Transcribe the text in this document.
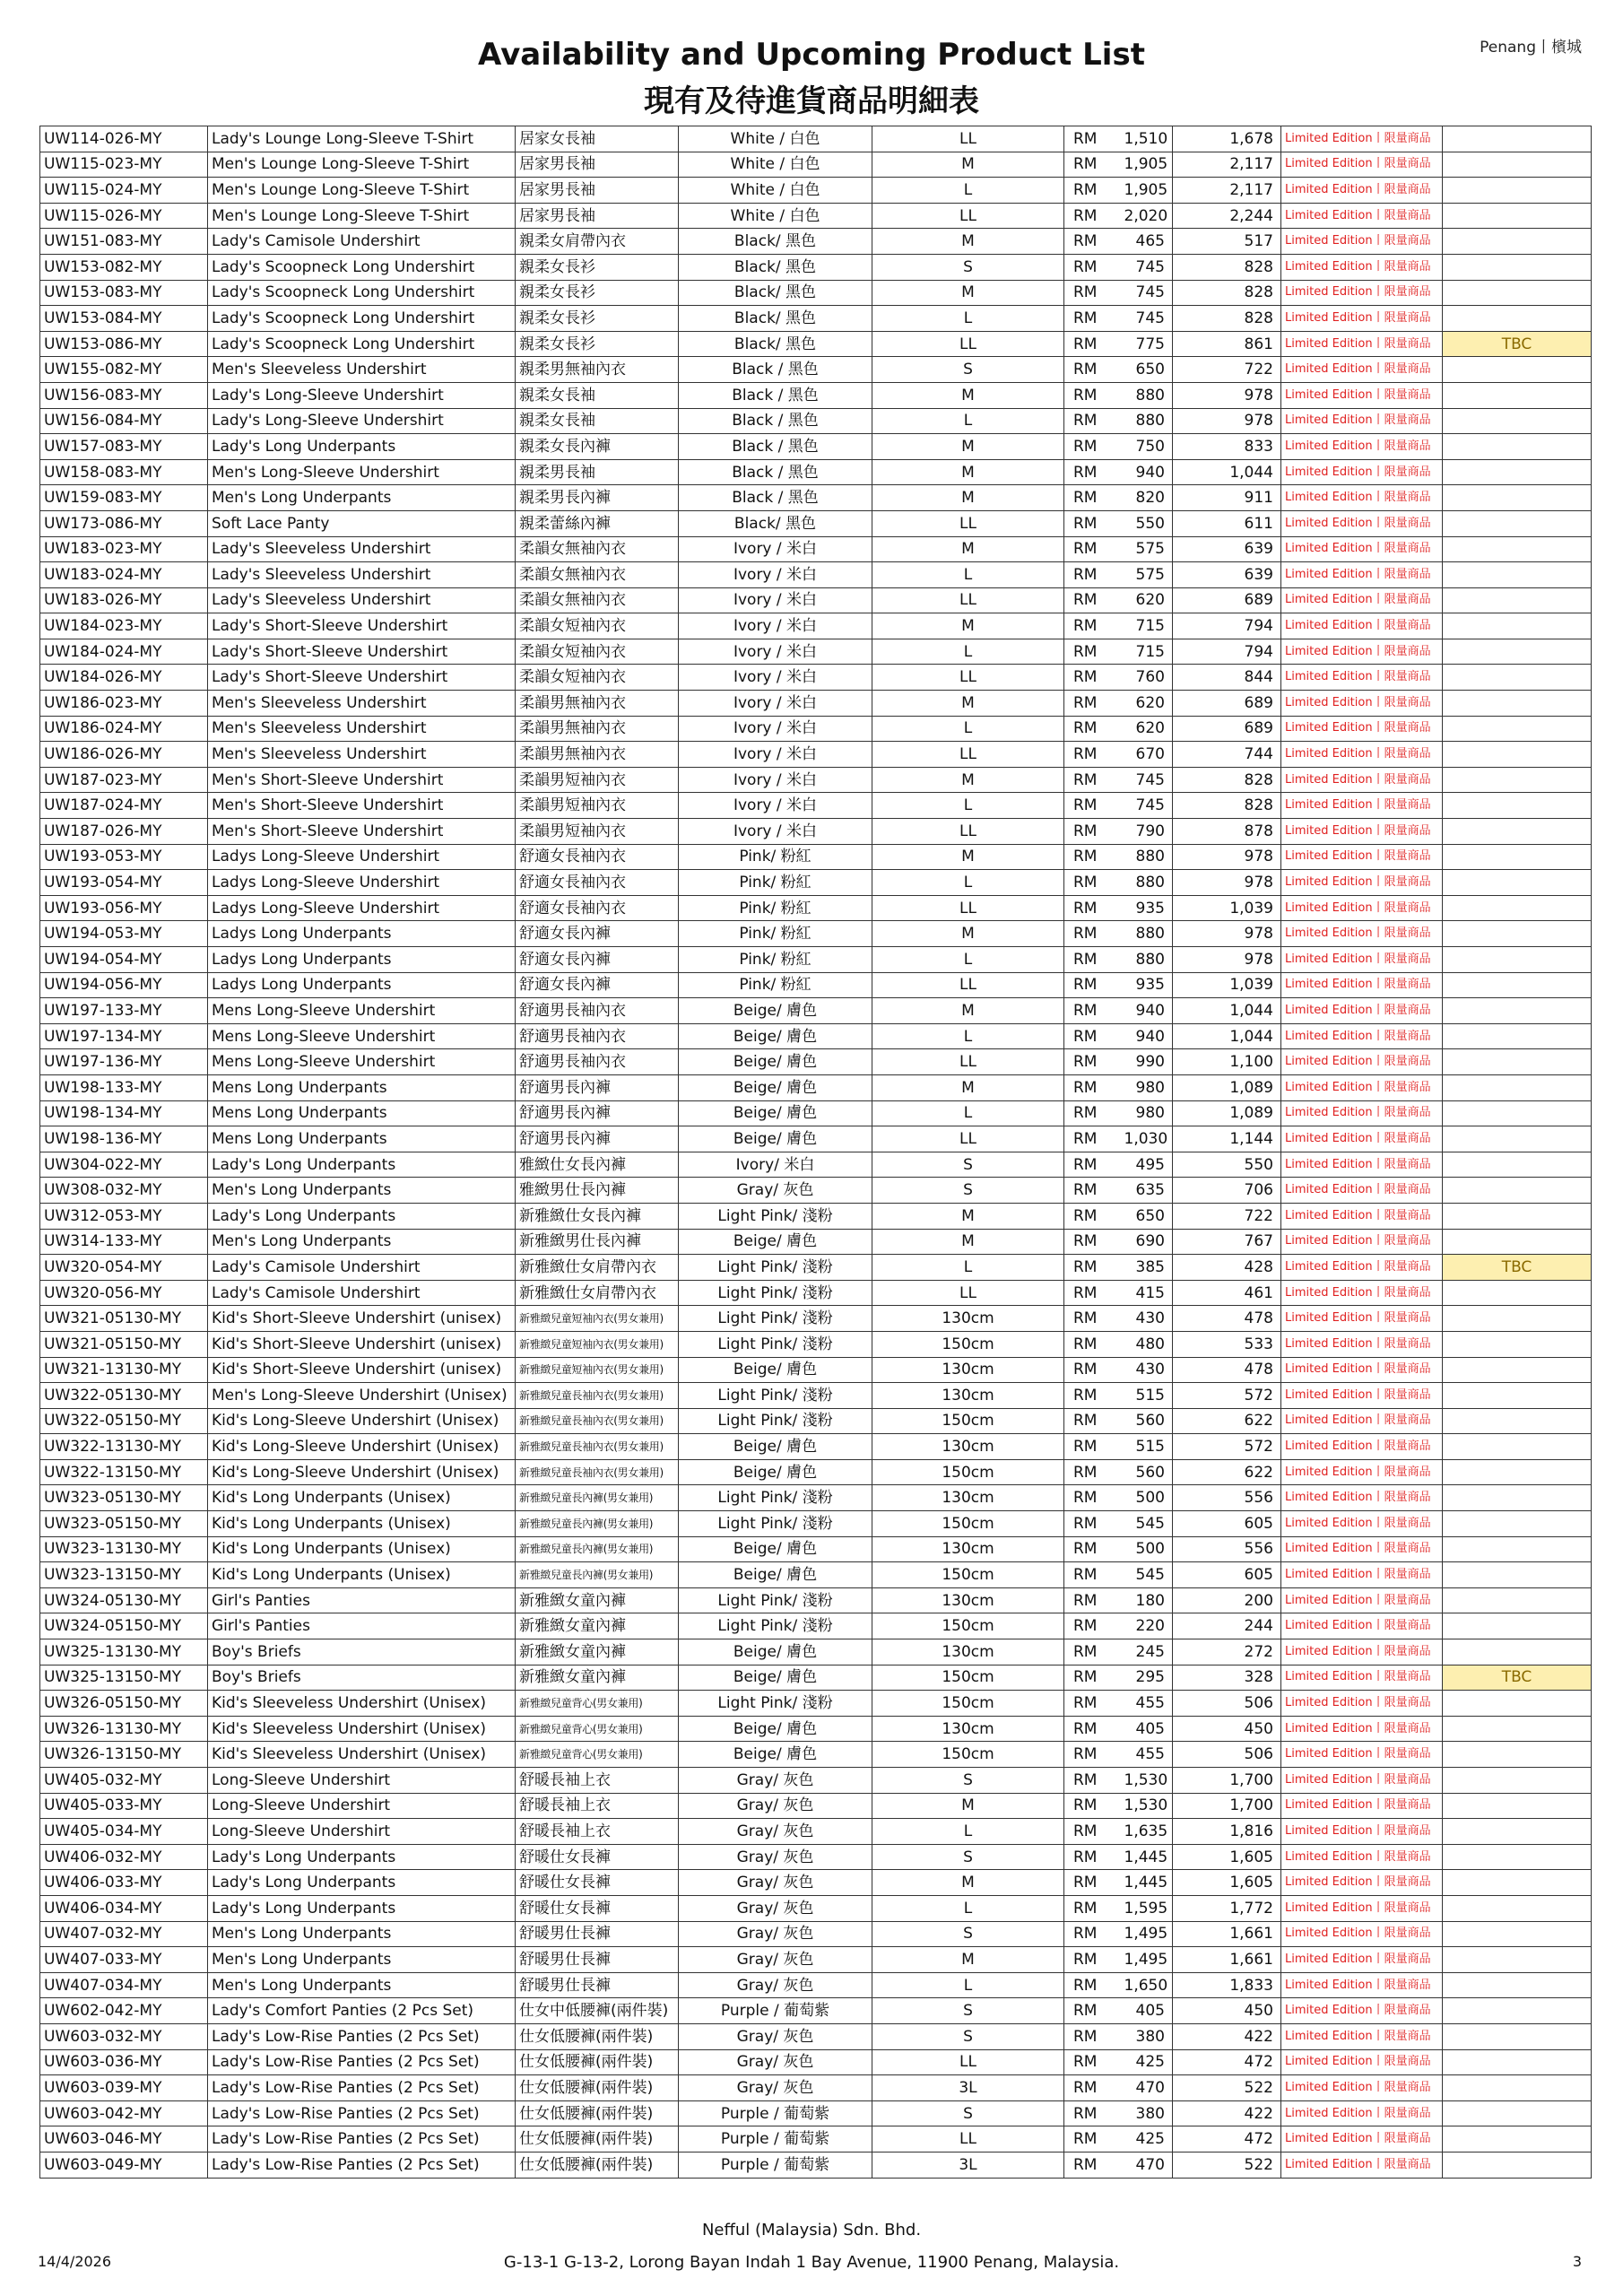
Penang丨檳城
Availability and Upcoming Product List
現有及待進貨商品明細表
UW114-026-MY	Lady's Lounge Long-Sleeve T-Shirt	居家女長袖	White / 白色	LL	RM	1,510	1,678	Limited Edition丨限量商品	
UW115-023-MY	Men's Lounge Long-Sleeve T-Shirt	居家男長袖	White / 白色	M	RM	1,905	2,117	Limited Edition丨限量商品	
UW115-024-MY	Men's Lounge Long-Sleeve T-Shirt	居家男長袖	White / 白色	L	RM	1,905	2,117	Limited Edition丨限量商品	
UW115-026-MY	Men's Lounge Long-Sleeve T-Shirt	居家男長袖	White / 白色	LL	RM	2,020	2,244	Limited Edition丨限量商品	
UW151-083-MY	Lady's Camisole Undershirt	親柔女肩帶內衣	Black/ 黑色	M	RM	465	517	Limited Edition丨限量商品	
UW153-082-MY	Lady's Scoopneck Long Undershirt	親柔女長衫	Black/ 黑色	S	RM	745	828	Limited Edition丨限量商品	
UW153-083-MY	Lady's Scoopneck Long Undershirt	親柔女長衫	Black/ 黑色	M	RM	745	828	Limited Edition丨限量商品	
UW153-084-MY	Lady's Scoopneck Long Undershirt	親柔女長衫	Black/ 黑色	L	RM	745	828	Limited Edition丨限量商品	
UW153-086-MY	Lady's Scoopneck Long Undershirt	親柔女長衫	Black/ 黑色	LL	RM	775	861	Limited Edition丨限量商品	TBC
UW155-082-MY	Men's Sleeveless Undershirt	親柔男無袖內衣	Black / 黑色	S	RM	650	722	Limited Edition丨限量商品	
UW156-083-MY	Lady's Long-Sleeve Undershirt	親柔女長袖	Black / 黑色	M	RM	880	978	Limited Edition丨限量商品	
UW156-084-MY	Lady's Long-Sleeve Undershirt	親柔女長袖	Black / 黑色	L	RM	880	978	Limited Edition丨限量商品	
UW157-083-MY	Lady's Long Underpants	親柔女長內褲	Black / 黑色	M	RM	750	833	Limited Edition丨限量商品	
UW158-083-MY	Men's Long-Sleeve Undershirt	親柔男長袖	Black / 黑色	M	RM	940	1,044	Limited Edition丨限量商品	
UW159-083-MY	Men's Long Underpants	親柔男長內褲	Black / 黑色	M	RM	820	911	Limited Edition丨限量商品	
UW173-086-MY	Soft Lace Panty	親柔蕾絲內褲	Black/ 黑色	LL	RM	550	611	Limited Edition丨限量商品	
UW183-023-MY	Lady's Sleeveless Undershirt	柔韻女無袖內衣	Ivory / 米白	M	RM	575	639	Limited Edition丨限量商品	
UW183-024-MY	Lady's Sleeveless Undershirt	柔韻女無袖內衣	Ivory / 米白	L	RM	575	639	Limited Edition丨限量商品	
UW183-026-MY	Lady's Sleeveless Undershirt	柔韻女無袖內衣	Ivory / 米白	LL	RM	620	689	Limited Edition丨限量商品	
UW184-023-MY	Lady's Short-Sleeve Undershirt	柔韻女短袖內衣	Ivory / 米白	M	RM	715	794	Limited Edition丨限量商品	
UW184-024-MY	Lady's Short-Sleeve Undershirt	柔韻女短袖內衣	Ivory / 米白	L	RM	715	794	Limited Edition丨限量商品	
UW184-026-MY	Lady's Short-Sleeve Undershirt	柔韻女短袖內衣	Ivory / 米白	LL	RM	760	844	Limited Edition丨限量商品	
UW186-023-MY	Men's Sleeveless Undershirt	柔韻男無袖內衣	Ivory / 米白	M	RM	620	689	Limited Edition丨限量商品	
UW186-024-MY	Men's Sleeveless Undershirt	柔韻男無袖內衣	Ivory / 米白	L	RM	620	689	Limited Edition丨限量商品	
UW186-026-MY	Men's Sleeveless Undershirt	柔韻男無袖內衣	Ivory / 米白	LL	RM	670	744	Limited Edition丨限量商品	
UW187-023-MY	Men's Short-Sleeve Undershirt	柔韻男短袖內衣	Ivory / 米白	M	RM	745	828	Limited Edition丨限量商品	
UW187-024-MY	Men's Short-Sleeve Undershirt	柔韻男短袖內衣	Ivory / 米白	L	RM	745	828	Limited Edition丨限量商品	
UW187-026-MY	Men's Short-Sleeve Undershirt	柔韻男短袖內衣	Ivory / 米白	LL	RM	790	878	Limited Edition丨限量商品	
UW193-053-MY	Ladys Long-Sleeve Undershirt	舒適女長袖內衣	Pink/ 粉紅	M	RM	880	978	Limited Edition丨限量商品	
UW193-054-MY	Ladys Long-Sleeve Undershirt	舒適女長袖內衣	Pink/ 粉紅	L	RM	880	978	Limited Edition丨限量商品	
UW193-056-MY	Ladys Long-Sleeve Undershirt	舒適女長袖內衣	Pink/ 粉紅	LL	RM	935	1,039	Limited Edition丨限量商品	
UW194-053-MY	Ladys Long Underpants	舒適女長內褲	Pink/ 粉紅	M	RM	880	978	Limited Edition丨限量商品	
UW194-054-MY	Ladys Long Underpants	舒適女長內褲	Pink/ 粉紅	L	RM	880	978	Limited Edition丨限量商品	
UW194-056-MY	Ladys Long Underpants	舒適女長內褲	Pink/ 粉紅	LL	RM	935	1,039	Limited Edition丨限量商品	
UW197-133-MY	Mens Long-Sleeve Undershirt	舒適男長袖內衣	Beige/ 膚色	M	RM	940	1,044	Limited Edition丨限量商品	
UW197-134-MY	Mens Long-Sleeve Undershirt	舒適男長袖內衣	Beige/ 膚色	L	RM	940	1,044	Limited Edition丨限量商品	
UW197-136-MY	Mens Long-Sleeve Undershirt	舒適男長袖內衣	Beige/ 膚色	LL	RM	990	1,100	Limited Edition丨限量商品	
UW198-133-MY	Mens Long Underpants	舒適男長內褲	Beige/ 膚色	M	RM	980	1,089	Limited Edition丨限量商品	
UW198-134-MY	Mens Long Underpants	舒適男長內褲	Beige/ 膚色	L	RM	980	1,089	Limited Edition丨限量商品	
UW198-136-MY	Mens Long Underpants	舒適男長內褲	Beige/ 膚色	LL	RM	1,030	1,144	Limited Edition丨限量商品	
UW304-022-MY	Lady's Long Underpants	雅緻仕女長內褲	Ivory/ 米白	S	RM	495	550	Limited Edition丨限量商品	
UW308-032-MY	Men's Long Underpants	雅緻男仕長內褲	Gray/ 灰色	S	RM	635	706	Limited Edition丨限量商品	
UW312-053-MY	Lady's Long Underpants	新雅緻仕女長內褲	Light Pink/ 淺粉	M	RM	650	722	Limited Edition丨限量商品	
UW314-133-MY	Men's Long Underpants	新雅緻男仕長內褲	Beige/ 膚色	M	RM	690	767	Limited Edition丨限量商品	
UW320-054-MY	Lady's Camisole Undershirt	新雅緻仕女肩帶內衣	Light Pink/ 淺粉	L	RM	385	428	Limited Edition丨限量商品	TBC
UW320-056-MY	Lady's Camisole Undershirt	新雅緻仕女肩帶內衣	Light Pink/ 淺粉	LL	RM	415	461	Limited Edition丨限量商品	
UW321-05130-MY	Kid's Short-Sleeve Undershirt (unisex)	新雅緻兒童短袖內衣(男女兼用)	Light Pink/ 淺粉	130cm	RM	430	478	Limited Edition丨限量商品	
UW321-05150-MY	Kid's Short-Sleeve Undershirt (unisex)	新雅緻兒童短袖內衣(男女兼用)	Light Pink/ 淺粉	150cm	RM	480	533	Limited Edition丨限量商品	
UW321-13130-MY	Kid's Short-Sleeve Undershirt (unisex)	新雅緻兒童短袖內衣(男女兼用)	Beige/ 膚色	130cm	RM	430	478	Limited Edition丨限量商品	
UW322-05130-MY	Men's Long-Sleeve Undershirt (Unisex)	新雅緻兒童長袖內衣(男女兼用)	Light Pink/ 淺粉	130cm	RM	515	572	Limited Edition丨限量商品	
UW322-05150-MY	Kid's Long-Sleeve Undershirt (Unisex)	新雅緻兒童長袖內衣(男女兼用)	Light Pink/ 淺粉	150cm	RM	560	622	Limited Edition丨限量商品	
UW322-13130-MY	Kid's Long-Sleeve Undershirt (Unisex)	新雅緻兒童長袖內衣(男女兼用)	Beige/ 膚色	130cm	RM	515	572	Limited Edition丨限量商品	
UW322-13150-MY	Kid's Long-Sleeve Undershirt (Unisex)	新雅緻兒童長袖內衣(男女兼用)	Beige/ 膚色	150cm	RM	560	622	Limited Edition丨限量商品	
UW323-05130-MY	Kid's Long Underpants (Unisex)	新雅緻兒童長內褲(男女兼用)	Light Pink/ 淺粉	130cm	RM	500	556	Limited Edition丨限量商品	
UW323-05150-MY	Kid's Long Underpants (Unisex)	新雅緻兒童長內褲(男女兼用)	Light Pink/ 淺粉	150cm	RM	545	605	Limited Edition丨限量商品	
UW323-13130-MY	Kid's Long Underpants (Unisex)	新雅緻兒童長內褲(男女兼用)	Beige/ 膚色	130cm	RM	500	556	Limited Edition丨限量商品	
UW323-13150-MY	Kid's Long Underpants (Unisex)	新雅緻兒童長內褲(男女兼用)	Beige/ 膚色	150cm	RM	545	605	Limited Edition丨限量商品	
UW324-05130-MY	Girl's Panties	新雅緻女童內褲	Light Pink/ 淺粉	130cm	RM	180	200	Limited Edition丨限量商品	
UW324-05150-MY	Girl's Panties	新雅緻女童內褲	Light Pink/ 淺粉	150cm	RM	220	244	Limited Edition丨限量商品	
UW325-13130-MY	Boy's Briefs	新雅緻女童內褲	Beige/ 膚色	130cm	RM	245	272	Limited Edition丨限量商品	
UW325-13150-MY	Boy's Briefs	新雅緻女童內褲	Beige/ 膚色	150cm	RM	295	328	Limited Edition丨限量商品	TBC
UW326-05150-MY	Kid's Sleeveless Undershirt (Unisex)	新雅緻兒童背心(男女兼用)	Light Pink/ 淺粉	150cm	RM	455	506	Limited Edition丨限量商品	
UW326-13130-MY	Kid's Sleeveless Undershirt (Unisex)	新雅緻兒童背心(男女兼用)	Beige/ 膚色	130cm	RM	405	450	Limited Edition丨限量商品	
UW326-13150-MY	Kid's Sleeveless Undershirt (Unisex)	新雅緻兒童背心(男女兼用)	Beige/ 膚色	150cm	RM	455	506	Limited Edition丨限量商品	
UW405-032-MY	Long-Sleeve Undershirt	舒暖長袖上衣	Gray/ 灰色	S	RM	1,530	1,700	Limited Edition丨限量商品	
UW405-033-MY	Long-Sleeve Undershirt	舒暖長袖上衣	Gray/ 灰色	M	RM	1,530	1,700	Limited Edition丨限量商品	
UW405-034-MY	Long-Sleeve Undershirt	舒暖長袖上衣	Gray/ 灰色	L	RM	1,635	1,816	Limited Edition丨限量商品	
UW406-032-MY	Lady's Long Underpants	舒暖仕女長褲	Gray/ 灰色	S	RM	1,445	1,605	Limited Edition丨限量商品	
UW406-033-MY	Lady's Long Underpants	舒暖仕女長褲	Gray/ 灰色	M	RM	1,445	1,605	Limited Edition丨限量商品	
UW406-034-MY	Lady's Long Underpants	舒暖仕女長褲	Gray/ 灰色	L	RM	1,595	1,772	Limited Edition丨限量商品	
UW407-032-MY	Men's Long Underpants	舒暖男仕長褲	Gray/ 灰色	S	RM	1,495	1,661	Limited Edition丨限量商品	
UW407-033-MY	Men's Long Underpants	舒暖男仕長褲	Gray/ 灰色	M	RM	1,495	1,661	Limited Edition丨限量商品	
UW407-034-MY	Men's Long Underpants	舒暖男仕長褲	Gray/ 灰色	L	RM	1,650	1,833	Limited Edition丨限量商品	
UW602-042-MY	Lady's Comfort Panties (2 Pcs Set)	仕女中低腰褲(兩件裝)	Purple / 葡萄紫	S	RM	405	450	Limited Edition丨限量商品	
UW603-032-MY	Lady's Low-Rise Panties (2 Pcs Set)	仕女低腰褲(兩件裝)	Gray/ 灰色	S	RM	380	422	Limited Edition丨限量商品	
UW603-036-MY	Lady's Low-Rise Panties (2 Pcs Set)	仕女低腰褲(兩件裝)	Gray/ 灰色	LL	RM	425	472	Limited Edition丨限量商品	
UW603-039-MY	Lady's Low-Rise Panties (2 Pcs Set)	仕女低腰褲(兩件裝)	Gray/ 灰色	3L	RM	470	522	Limited Edition丨限量商品	
UW603-042-MY	Lady's Low-Rise Panties (2 Pcs Set)	仕女低腰褲(兩件裝)	Purple / 葡萄紫	S	RM	380	422	Limited Edition丨限量商品	
UW603-046-MY	Lady's Low-Rise Panties (2 Pcs Set)	仕女低腰褲(兩件裝)	Purple / 葡萄紫	LL	RM	425	472	Limited Edition丨限量商品	
UW603-049-MY	Lady's Low-Rise Panties (2 Pcs Set)	仕女低腰褲(兩件裝)	Purple / 葡萄紫	3L	RM	470	522	Limited Edition丨限量商品	
Nefful (Malaysia) Sdn. Bhd.
G-13-1 G-13-2, Lorong Bayan Indah 1 Bay Avenue, 11900 Penang, Malaysia.
14/4/2026	3
